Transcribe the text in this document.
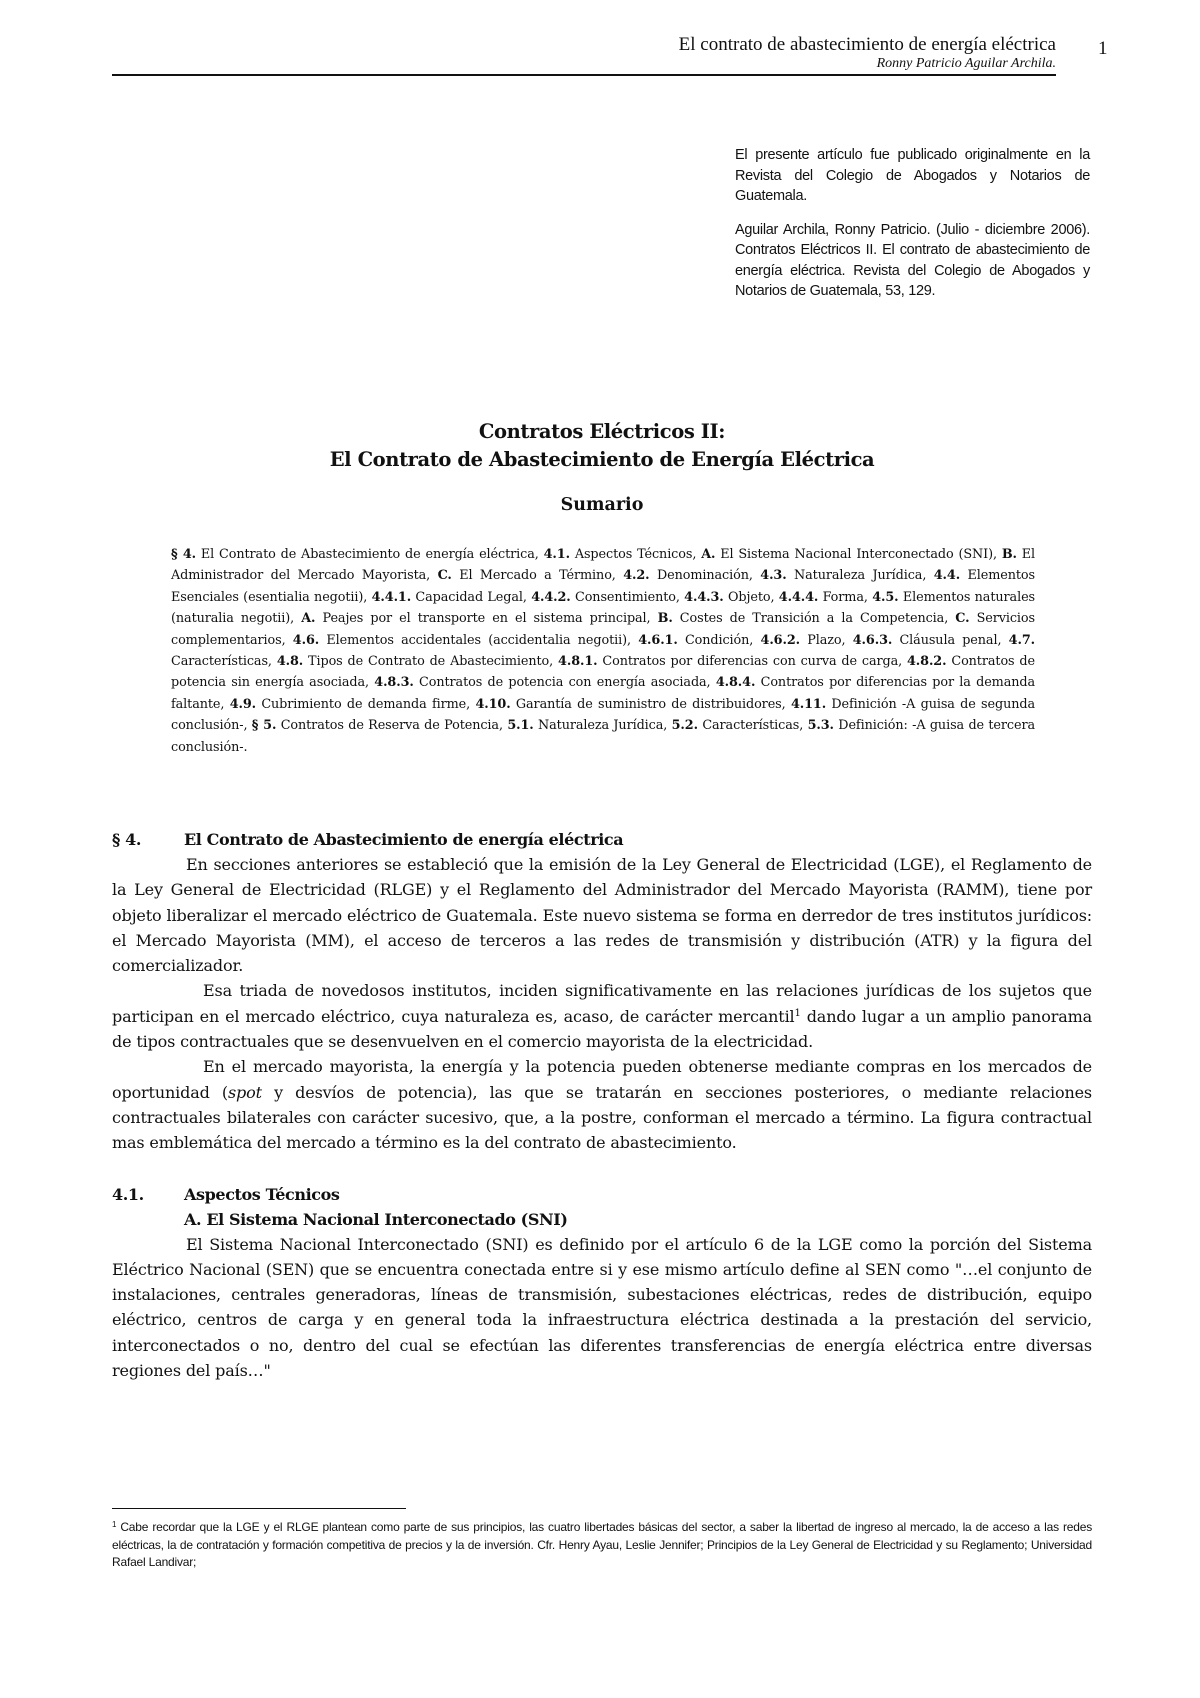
El contrato de abastecimiento de energía eléctrica
Ronny Patricio Aguilar Archila.
1

El presente artículo fue publicado originalmente en la Revista del Colegio de Abogados y Notarios de Guatemala.

Aguilar Archila, Ronny Patricio. (Julio - diciembre 2006). Contratos Eléctricos II. El contrato de abastecimiento de energía eléctrica. Revista del Colegio de Abogados y Notarios de Guatemala, 53, 129.

Contratos Eléctricos II:
El Contrato de Abastecimiento de Energía Eléctrica
Sumario

§ 4. El Contrato de Abastecimiento de energía eléctrica, 4.1. Aspectos Técnicos, A. El Sistema Nacional Interconectado (SNI), B. El Administrador del Mercado Mayorista, C. El Mercado a Término, 4.2. Denominación, 4.3. Naturaleza Jurídica, 4.4. Elementos Esenciales (esentialia negotii), 4.4.1. Capacidad Legal, 4.4.2. Consentimiento, 4.4.3. Objeto, 4.4.4. Forma, 4.5. Elementos naturales (naturalia negotii), A. Peajes por el transporte en el sistema principal, B. Costes de Transición a la Competencia, C. Servicios complementarios, 4.6. Elementos accidentales (accidentalia negotii), 4.6.1. Condición, 4.6.2. Plazo, 4.6.3. Cláusula penal, 4.7. Características, 4.8. Tipos de Contrato de Abastecimiento, 4.8.1. Contratos por diferencias con curva de carga, 4.8.2. Contratos de potencia sin energía asociada, 4.8.3. Contratos de potencia con energía asociada, 4.8.4. Contratos por diferencias por la demanda faltante, 4.9. Cubrimiento de demanda firme, 4.10. Garantía de suministro de distribuidores, 4.11. Definición -A guisa de segunda conclusión-, § 5. Contratos de Reserva de Potencia, 5.1. Naturaleza Jurídica, 5.2. Características, 5.3. Definición: -A guisa de tercera conclusión-.

§ 4.	El Contrato de Abastecimiento de energía eléctrica

En secciones anteriores se estableció que la emisión de la Ley General de Electricidad (LGE), el Reglamento de la Ley General de Electricidad (RLGE) y el Reglamento del Administrador del Mercado Mayorista (RAMM), tiene por objeto liberalizar el mercado eléctrico de Guatemala. Este nuevo sistema se forma en derredor de tres institutos jurídicos: el Mercado Mayorista (MM), el acceso de terceros a las redes de transmisión y distribución (ATR) y la figura del comercializador.

Esa triada de novedosos institutos, inciden significativamente en las relaciones jurídicas de los sujetos que participan en el mercado eléctrico, cuya naturaleza es, acaso, de carácter mercantil$^1$ dando lugar a un amplio panorama de tipos contractuales que se desenvuelven en el comercio mayorista de la electricidad.

En el mercado mayorista, la energía y la potencia pueden obtenerse mediante compras en los mercados de oportunidad (spot y desvíos de potencia), las que se tratarán en secciones posteriores, o mediante relaciones contractuales bilaterales con carácter sucesivo, que, a la postre, conforman el mercado a término. La figura contractual mas emblemática del mercado a término es la del contrato de abastecimiento.

4.1.	Aspectos Técnicos
A. El Sistema Nacional Interconectado (SNI)

El Sistema Nacional Interconectado (SNI) es definido por el artículo 6 de la LGE como la porción del Sistema Eléctrico Nacional (SEN) que se encuentra conectada entre si y ese mismo artículo define al SEN como "…el conjunto de instalaciones, centrales generadoras, líneas de transmisión, subestaciones eléctricas, redes de distribución, equipo eléctrico, centros de carga y en general toda la infraestructura eléctrica destinada a la prestación del servicio, interconectados o no, dentro del cual se efectúan las diferentes transferencias de energía eléctrica entre diversas regiones del país…"

$^1$ Cabe recordar que la LGE y el RLGE plantean como parte de sus principios, las cuatro libertades básicas del sector, a saber la libertad de ingreso al mercado, la de acceso a las redes eléctricas, la de contratación y formación competitiva de precios y la de inversión. Cfr. Henry Ayau, Leslie Jennifer; Principios de la Ley General de Electricidad y su Reglamento; Universidad Rafael Landivar;
